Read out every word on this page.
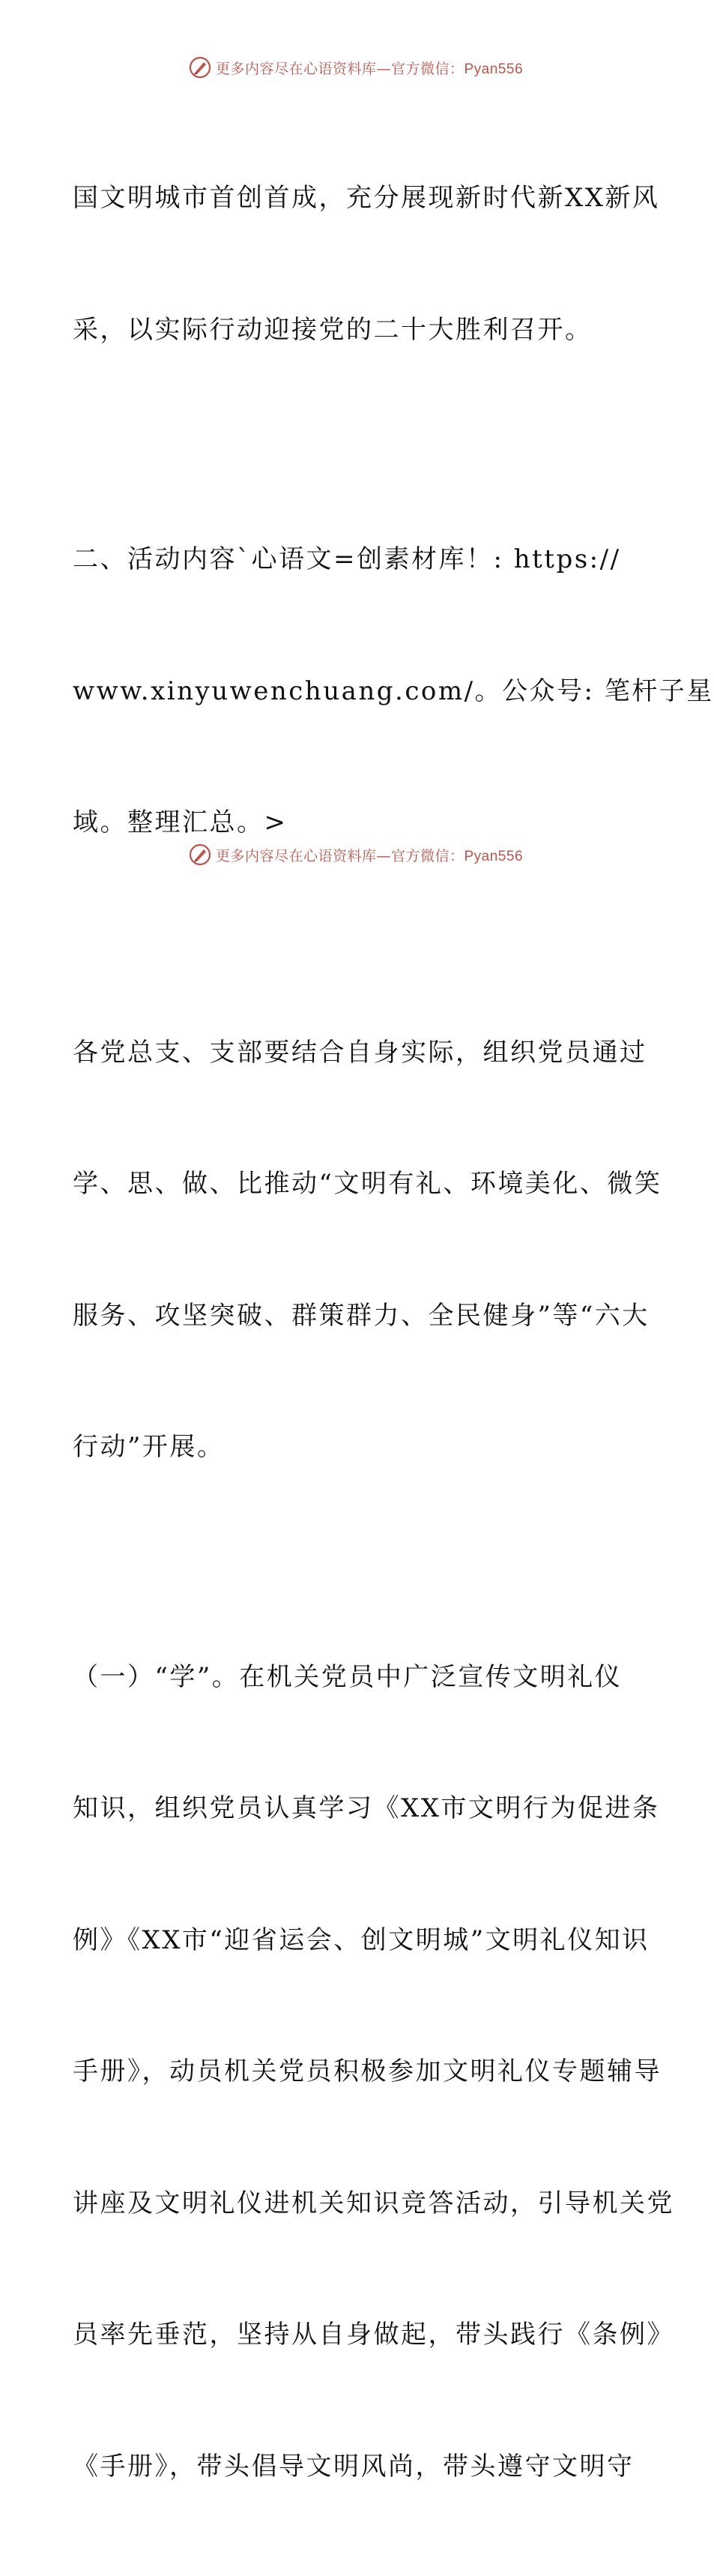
更多内容尽在心语资料库—官方微信：Pyan556

国文明城市首创首成，充分展现新时代新XX新风

采，以实际行动迎接党的二十大胜利召开。

二、活动内容`心语文=创素材库！: https://

www.xinyuwenchuang.com/。公众号: 笔杆子星

域。整理汇总。>

各党总支、支部要结合自身实际，组织党员通过

学、思、做、比推动“文明有礼、环境美化、微笑

服务、攻坚突破、群策群力、全民健身”等“六大

行动”开展。

（一）“学”。在机关党员中广泛宣传文明礼仪

知识，组织党员认真学习《XX市文明行为促进条

例》《XX市“迎省运会、创文明城”文明礼仪知识

手册》，动员机关党员积极参加文明礼仪专题辅导

讲座及文明礼仪进机关知识竞答活动，引导机关党

员率先垂范，坚持从自身做起，带头践行《条例》

《手册》，带头倡导文明风尚，带头遵守文明守

更多内容尽在心语资料库—官方微信：Pyan556
